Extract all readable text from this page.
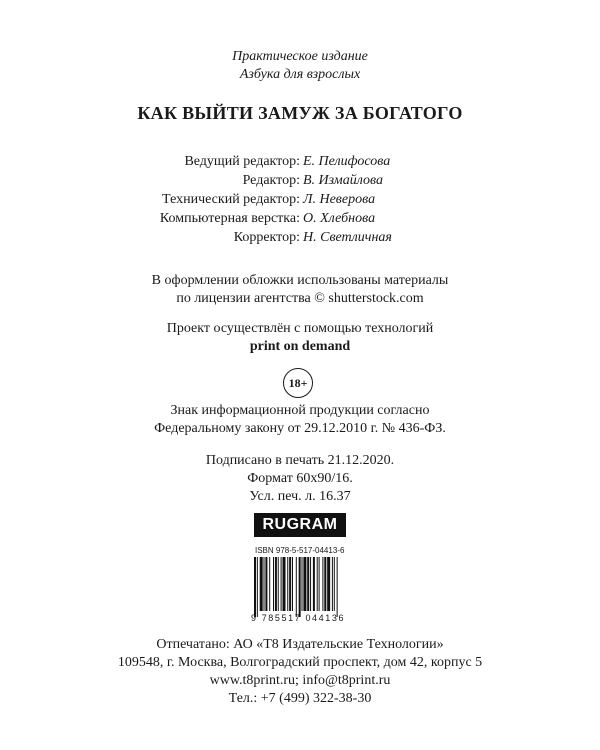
Практическое издание
Азбука для взрослых
КАК ВЫЙТИ ЗАМУЖ ЗА БОГАТОГО
Ведущий редактор: Е. Пелифосова
Редактор: В. Измайлова
Технический редактор: Л. Неверова
Компьютерная верстка: О. Хлебнова
Корректор: Н. Светличная
В оформлении обложки использованы материалы
по лицензии агентства © shutterstock.com
Проект осуществлён с помощью технологий
print on demand
18+
Знак информационной продукции согласно
Федеральному закону от 29.12.2010 г. № 436-ФЗ.
Подписано в печать 21.12.2020.
Формат 60x90/16.
Усл. печ. л. 16.37
RUGRAM
ISBN 978-5-517-04413-6
9 785517 044136
Отпечатано: АО «Т8 Издательские Технологии»
109548, г. Москва, Волгоградский проспект, дом 42, корпус 5
www.t8print.ru; info@t8print.ru
Тел.: +7 (499) 322-38-30
